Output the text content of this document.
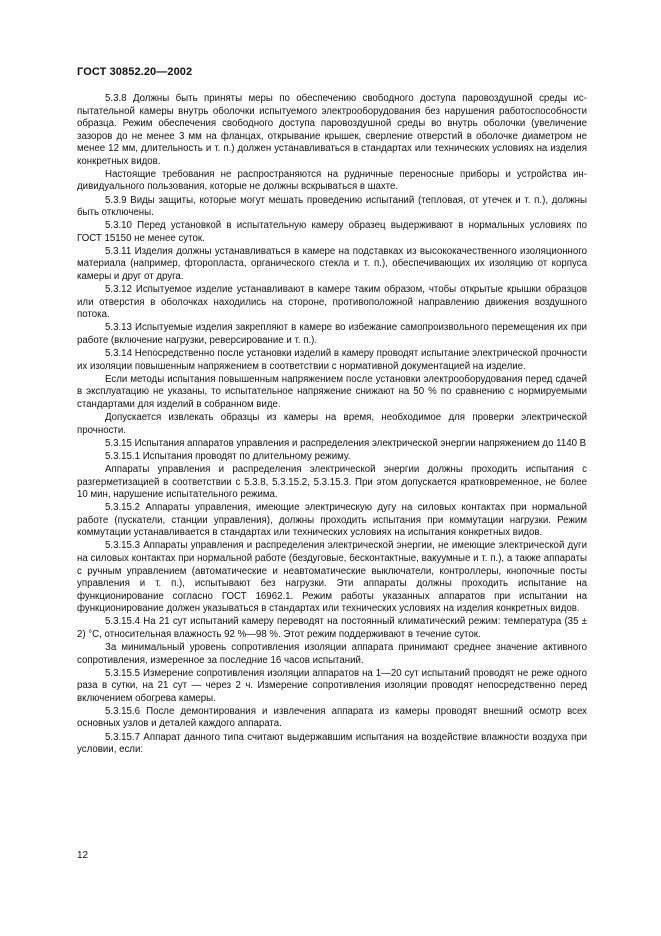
ГОСТ 30852.20—2002

5.3.8 Должны быть приняты меры по обеспечению свободного доступа паровоздушной среды испытательной камеры внутрь оболочки испытуемого электрооборудования без нарушения работоспособности образца. Режим обеспечения свободного доступа паровоздушной среды во внутрь оболочки (увеличение зазоров до не менее 3 мм на фланцах, открывание крышек, сверление отверстий в оболочке диаметром не менее 12 мм, длительность и т. п.) должен устанавливаться в стандартах или технических условиях на изделия конкретных видов.

Настоящие требования не распространяются на рудничные переносные приборы и устройства индивидуального пользования, которые не должны вскрываться в шахте.

5.3.9 Виды защиты, которые могут мешать проведению испытаний (тепловая, от утечек и т. п.), должны быть отключены.

5.3.10 Перед установкой в испытательную камеру образец выдерживают в нормальных условиях по ГОСТ 15150 не менее суток.

5.3.11 Изделия должны устанавливаться в камере на подставках из высококачественного изоляционного материала (например, фторопласта, органического стекла и т. п.), обеспечивающих их изоляцию от корпуса камеры и друг от друга.

5.3.12 Испытуемое изделие устанавливают в камере таким образом, чтобы открытые крышки образцов или отверстия в оболочках находились на стороне, противоположной направлению движения воздушного потока.

5.3.13 Испытуемые изделия закрепляют в камере во избежание самопроизвольного перемещения их при работе (включение нагрузки, реверсирование и т. п.).

5.3.14 Непосредственно после установки изделий в камеру проводят испытание электрической прочности их изоляции повышенным напряжением в соответствии с нормативной документацией на изделие.

Если методы испытания повышенным напряжением после установки электрооборудования перед сдачей в эксплуатацию не указаны, то испытательное напряжение снижают на 50 % по сравнению с нормируемыми стандартами для изделий в собранном виде.

Допускается извлекать образцы из камеры на время, необходимое для проверки электрической прочности.

5.3.15 Испытания аппаратов управления и распределения электрической энергии напряжением до 1140 В

5.3.15.1 Испытания проводят по длительному режиму.

Аппараты управления и распределения электрической энергии должны проходить испытания с разгерметизацией в соответствии с 5.3.8, 5.3.15.2, 5.3.15.3. При этом допускается кратковременное, не более 10 мин, нарушение испытательного режима.

5.3.15.2 Аппараты управления, имеющие электрическую дугу на силовых контактах при нормальной работе (пускатели, станции управления), должны проходить испытания при коммутации нагрузки. Режим коммутации устанавливается в стандартах или технических условиях на испытания конкретных видов.

5.3.15.3 Аппараты управления и распределения электрической энергии, не имеющие электрической дуги на силовых контактах при нормальной работе (бездуговые, бесконтактные, вакуумные и т. п.), а также аппараты с ручным управлением (автоматические и неавтоматические выключатели, контроллеры, кнопочные посты управления и т. п.), испытывают без нагрузки. Эти аппараты должны проходить испытание на функционирование согласно ГОСТ 16962.1. Режим работы указанных аппаратов при испытании на функционирование должен указываться в стандартах или технических условиях на изделия конкретных видов.

5.3.15.4 На 21 сут испытаний камеру переводят на постоянный климатический режим: температура (35 ± 2) °С, относительная влажность 92 %—98 %. Этот режим поддерживают в течение суток.

За минимальный уровень сопротивления изоляции аппарата принимают среднее значение активного сопротивления, измеренное за последние 16 часов испытаний.

5.3.15.5 Измерение сопротивления изоляции аппаратов на 1—20 сут испытаний проводят не реже одного раза в сутки, на 21 сут — через 2 ч. Измерение сопротивления изоляции проводят непосредственно перед включением обогрева камеры.

5.3.15.6 После демонтирования и извлечения аппарата из камеры проводят внешний осмотр всех основных узлов и деталей каждого аппарата.

5.3.15.7 Аппарат данного типа считают выдержавшим испытания на воздействие влажности воздуха при условии, если:

12
